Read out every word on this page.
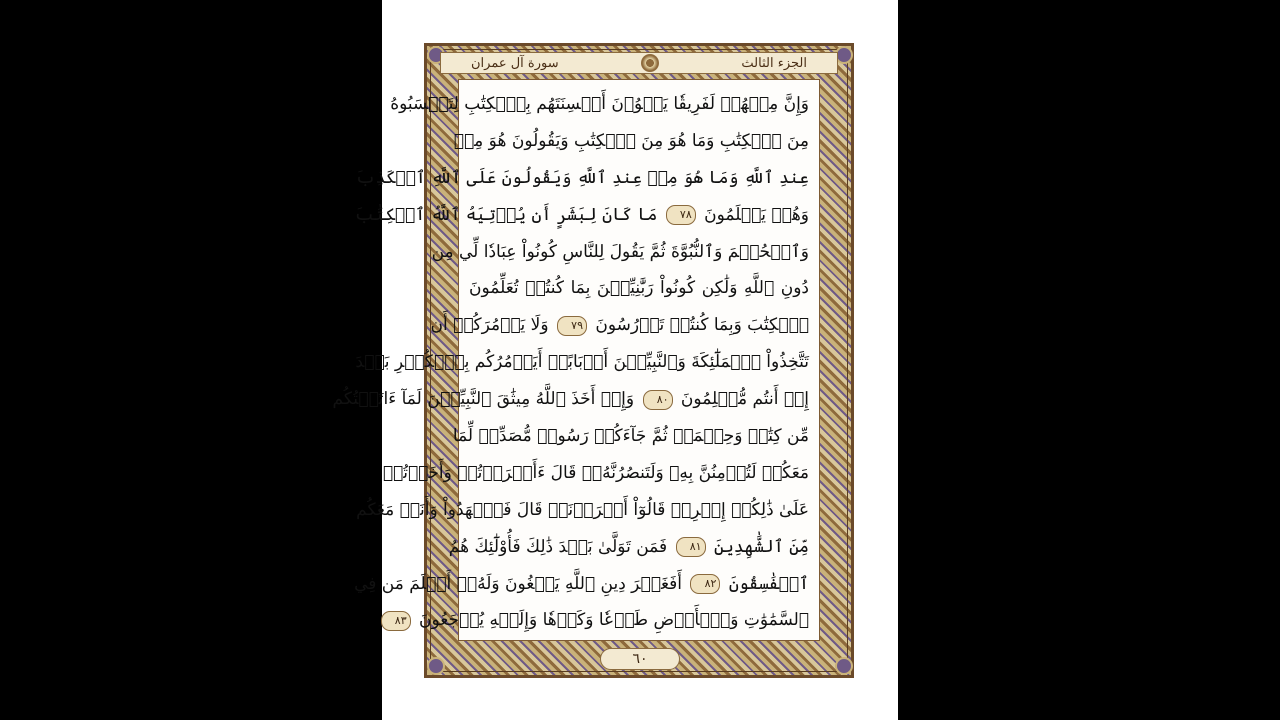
سورة آل عمران	الجزء الثالث
وَإِنَّ مِنۡهُمۡ لَفَرِيقٗا يَلۡوُۥنَ أَلۡسِنَتَهُم بِٱلۡكِتَٰبِ لِتَحۡسَبُوهُ
مِنَ ٱلۡكِتَٰبِ وَمَا هُوَ مِنَ ٱلۡكِتَٰبِ وَيَقُولُونَ هُوَ مِنۡ
عِندِ ٱللَّهِ وَمَا هُوَ مِنۡ عِندِ ٱللَّهِ وَيَقُولُونَ عَلَى ٱللَّهِ ٱلۡكَذِبَ
وَهُمۡ يَعۡلَمُونَ ٧٨ مَا كَانَ لِبَشَرٍ أَن يُؤۡتِيَهُ ٱللَّهُ ٱلۡكِتَٰبَ
وَٱلۡحُكۡمَ وَٱلنُّبُوَّةَ ثُمَّ يَقُولَ لِلنَّاسِ كُونُواْ عِبَادٗا لِّي مِن
دُونِ ٱللَّهِ وَلَٰكِن كُونُواْ رَبَّٰنِيِّـۧنَ بِمَا كُنتُمۡ تُعَلِّمُونَ
ٱلۡكِتَٰبَ وَبِمَا كُنتُمۡ تَدۡرُسُونَ ٧٩ وَلَا يَأۡمُرَكُمۡ أَن
تَتَّخِذُواْ ٱلۡمَلَٰٓئِكَةَ وَٱلنَّبِيِّـۧنَ أَرۡبَابًاۗ أَيَأۡمُرُكُم بِٱلۡكُفۡرِ بَعۡدَ
إِذۡ أَنتُم مُّسۡلِمُونَ ٨٠ وَإِذۡ أَخَذَ ٱللَّهُ مِيثَٰقَ ٱلنَّبِيِّـۧنَ لَمَآ ءَاتَيۡتُكُم
مِّن كِتَٰبٖ وَحِكۡمَةٖ ثُمَّ جَآءَكُمۡ رَسُولٞ مُّصَدِّقٞ لِّمَا
مَعَكُمۡ لَتُؤۡمِنُنَّ بِهِۦ وَلَتَنصُرُنَّهُۥۚ قَالَ ءَأَقۡرَرۡتُمۡ وَأَخَذۡتُمۡ
عَلَىٰ ذَٰلِكُمۡ إِصۡرِيۖ قَالُوٓاْ أَقۡرَرۡنَاۚ قَالَ فَٱشۡهَدُواْ وَأَنَا۠ مَعَكُم
مِّنَ ٱلشَّٰهِدِينَ ٨١ فَمَن تَوَلَّىٰ بَعۡدَ ذَٰلِكَ فَأُوْلَٰٓئِكَ هُمُ
ٱلۡفَٰسِقُونَ ٨٢ أَفَغَيۡرَ دِينِ ٱللَّهِ يَبۡغُونَ وَلَهُۥٓ أَسۡلَمَ مَن فِي
ٱلسَّمَٰوَٰتِ وَٱلۡأَرۡضِ طَوۡعٗا وَكَرۡهٗا وَإِلَيۡهِ يُرۡجَعُونَ ٨٣
٦٠
